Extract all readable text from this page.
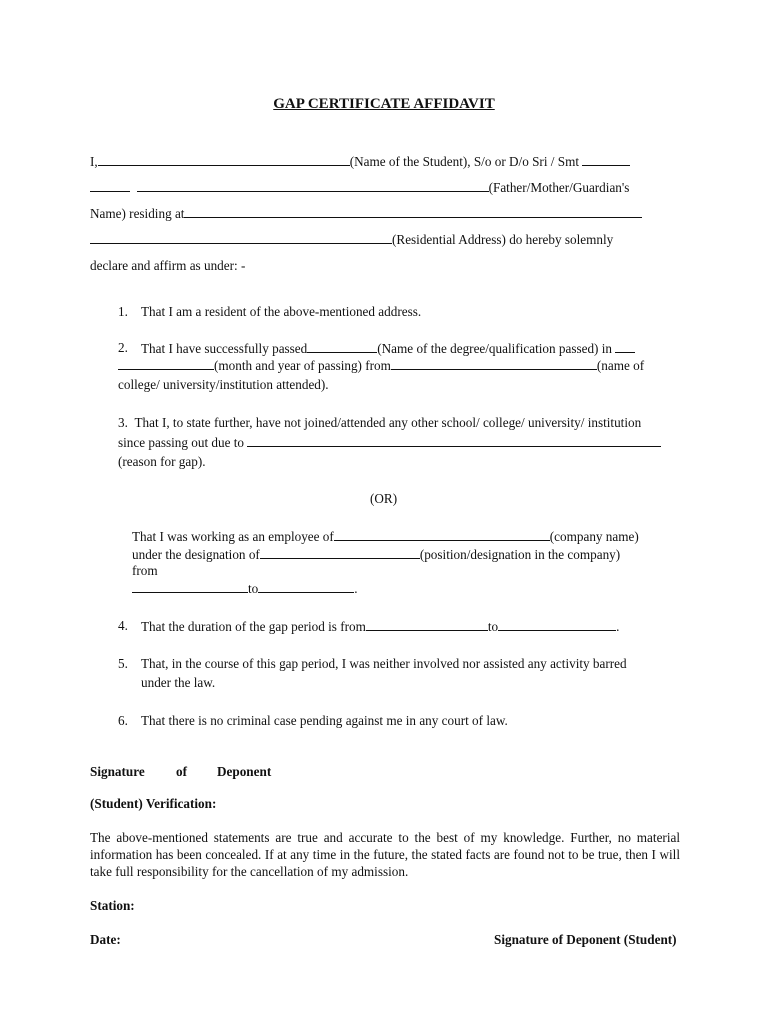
GAP CERTIFICATE AFFIDAVIT
I,	(Name of the Student), S/o or D/o Sri / Smt
(Father/Mother/Guardian's
Name) residing at
(Residential Address) do hereby solemnly
declare and affirm as under: -
1. That I am a resident of the above-mentioned address.
2. That I have successfully passed	(Name of the degree/qualification passed) in
(month and year of passing) from	(name of
college/ university/institution attended).
3. That I, to state further, have not joined/attended any other school/ college/ university/ institution
since passing out due to
(reason for gap).
(OR)
That I was working as an employee of	(company name)
under the designation of	(position/designation in the company)
from
to	.
4. That the duration of the gap period is from	to	.
5. That, in the course of this gap period, I was neither involved nor assisted any activity barred
under the law.
6. That there is no criminal case pending against me in any court of law.
Signature of Deponent
(Student) Verification:
The above-mentioned statements are true and accurate to the best of my knowledge. Further, no material information has been concealed. If at any time in the future, the stated facts are found not to be true, then I will take full responsibility for the cancellation of my admission.
Station:
Date:	Signature of Deponent (Student)
